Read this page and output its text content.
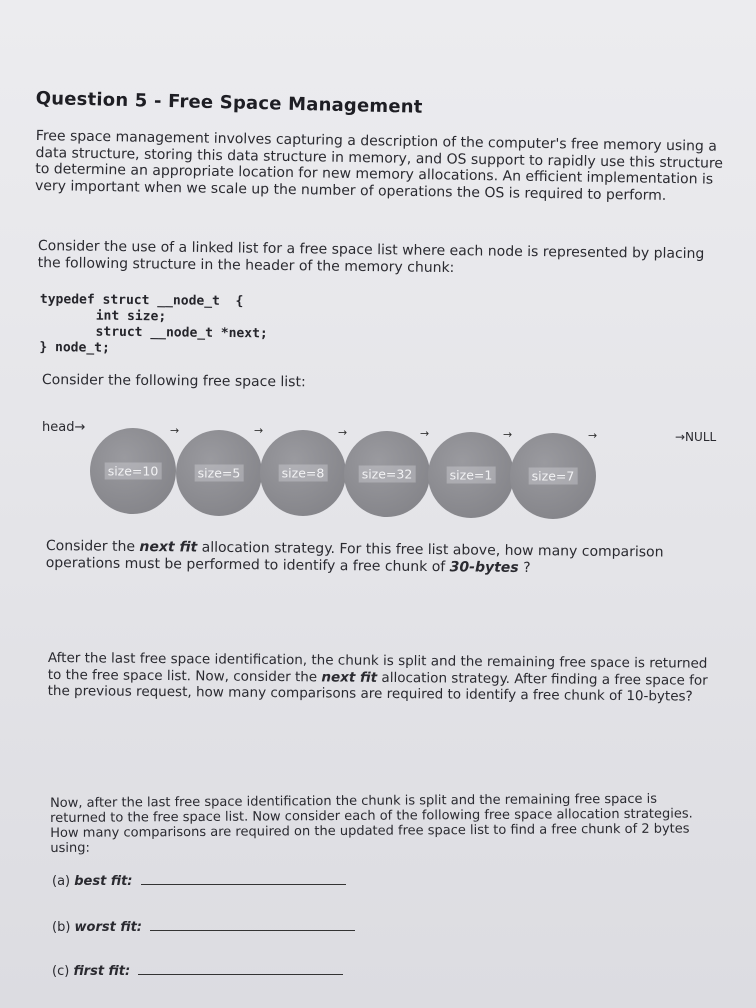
Question 5 - Free Space Management
Free space management involves capturing a description of the computer's free memory using a data structure, storing this data structure in memory, and OS support to rapidly use this structure to determine an appropriate location for new memory allocations. An efficient implementation is very important when we scale up the number of operations the OS is required to perform.
Consider the use of a linked list for a free space list where each node is represented by placing the following structure in the header of the memory chunk:
typedef struct __node_t  {
int size;
struct __node_t *next;
} node_t;
Consider the following free space list:
head→	→	→	→	→	→	→
size=10	size=5	size=8	size=32	size=1	size=7
→NULL
Consider the next fit allocation strategy. For this free list above, how many comparison operations must be performed to identify a free chunk of 30-bytes ?
After the last free space identification, the chunk is split and the remaining free space is returned to the free space list. Now, consider the next fit allocation strategy. After finding a free space for the previous request, how many comparisons are required to identify a free chunk of 10-bytes?
Now, after the last free space identification the chunk is split and the remaining free space is returned to the free space list. Now consider each of the following free space allocation strategies. How many comparisons are required on the updated free space list to find a free chunk of 2 bytes using:
(a) best fit:
(b) worst fit:
(c) first fit:
